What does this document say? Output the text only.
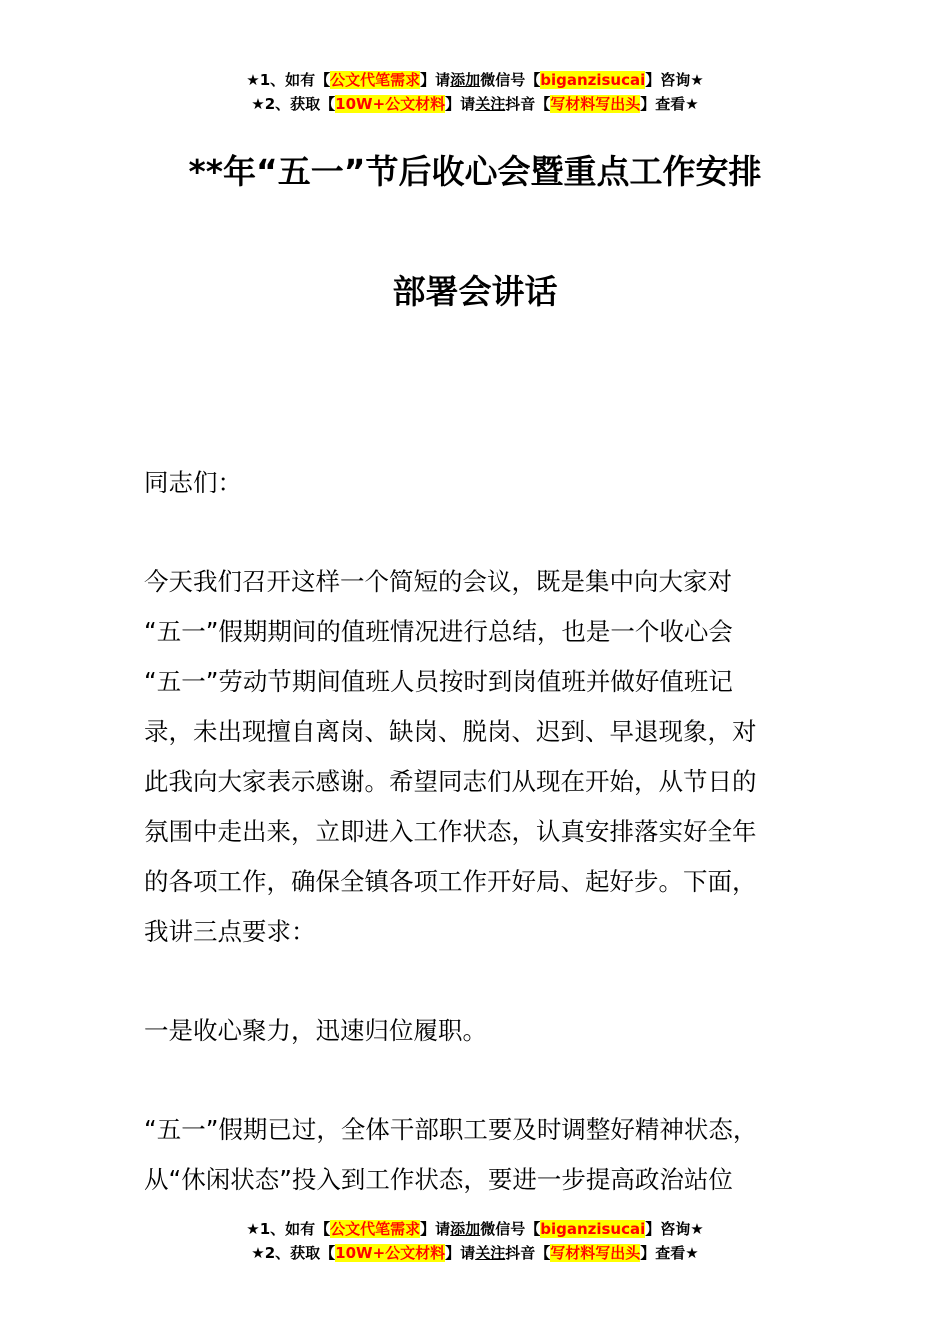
★1、如有【公文代笔需求】请添加微信号【biganzisucai】咨询★
★2、获取【10W+公文材料】请关注抖音【写材料写出头】查看★
**年“五一”节后收心会暨重点工作安排
部署会讲话

同志们：

今天我们召开这样一个简短的会议，既是集中向大家对
“五一”假期期间的值班情况进行总结，也是一个收心会
“五一”劳动节期间值班人员按时到岗值班并做好值班记
录，未出现擅自离岗、缺岗、脱岗、迟到、早退现象，对
此我向大家表示感谢。希望同志们从现在开始，从节日的
氛围中走出来，立即进入工作状态，认真安排落实好全年
的各项工作，确保全镇各项工作开好局、起好步。下面，
我讲三点要求：

一是收心聚力，迅速归位履职。

“五一”假期已过，全体干部职工要及时调整好精神状态，
从“休闲状态”投入到工作状态，要进一步提高政治站位

★1、如有【公文代笔需求】请添加微信号【biganzisucai】咨询★
★2、获取【10W+公文材料】请关注抖音【写材料写出头】查看★
